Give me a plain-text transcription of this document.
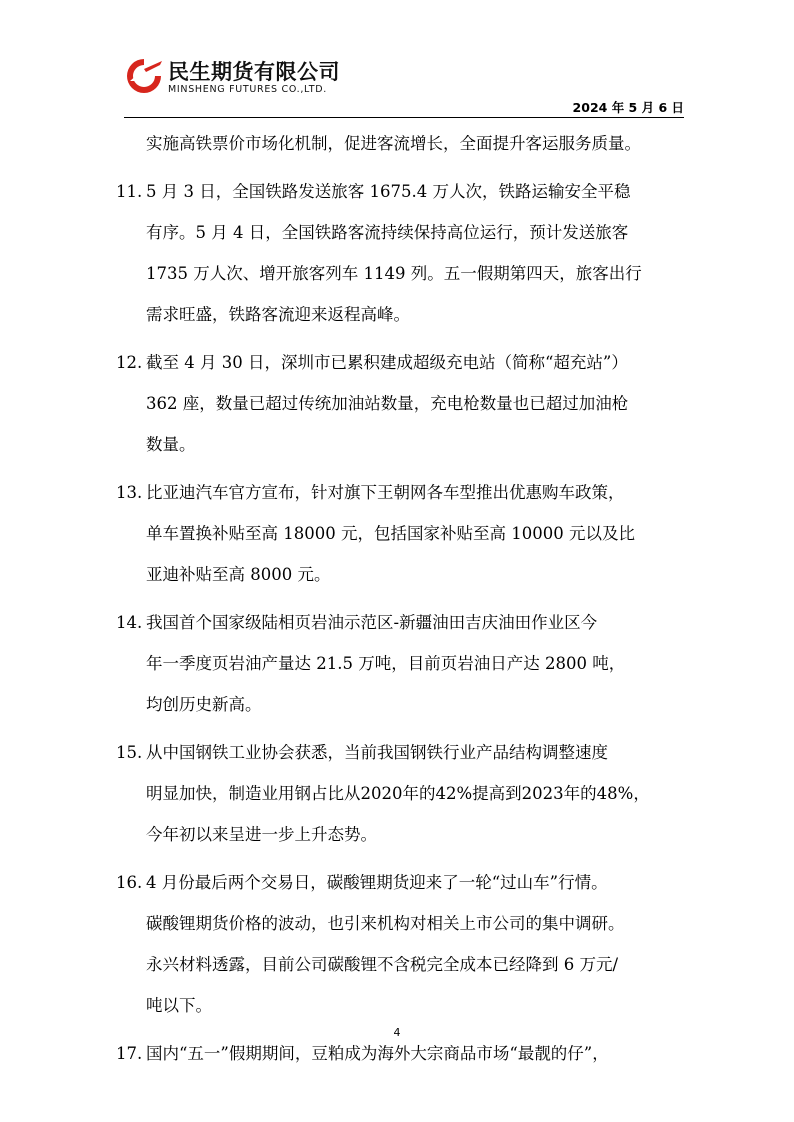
民生期货有限公司
MINSHENG FUTURES CO.,LTD.
2024 年 5 月 6 日
实施高铁票价市场化机制，促进客流增长，全面提升客运服务质量。
11. 5 月 3 日，全国铁路发送旅客 1675.4 万人次，铁路运输安全平稳
有序。5 月 4 日，全国铁路客流持续保持高位运行，预计发送旅客
1735 万人次、增开旅客列车 1149 列。五一假期第四天，旅客出行
需求旺盛，铁路客流迎来返程高峰。
12. 截至 4 月 30 日，深圳市已累积建成超级充电站（简称“超充站”）
362 座，数量已超过传统加油站数量，充电枪数量也已超过加油枪
数量。
13. 比亚迪汽车官方宣布，针对旗下王朝网各车型推出优惠购车政策，
单车置换补贴至高 18000 元，包括国家补贴至高 10000 元以及比
亚迪补贴至高 8000 元。
14. 我国首个国家级陆相页岩油示范区-新疆油田吉庆油田作业区今
年一季度页岩油产量达 21.5 万吨，目前页岩油日产达 2800 吨，
均创历史新高。
15. 从中国钢铁工业协会获悉，当前我国钢铁行业产品结构调整速度
明显加快，制造业用钢占比从2020年的42%提高到2023年的48%，
今年初以来呈进一步上升态势。
16. 4 月份最后两个交易日，碳酸锂期货迎来了一轮“过山车”行情。
碳酸锂期货价格的波动，也引来机构对相关上市公司的集中调研。
永兴材料透露，目前公司碳酸锂不含税完全成本已经降到 6 万元/
吨以下。
17. 国内“五一”假期期间，豆粕成为海外大宗商品市场“最靓的仔”，
4
